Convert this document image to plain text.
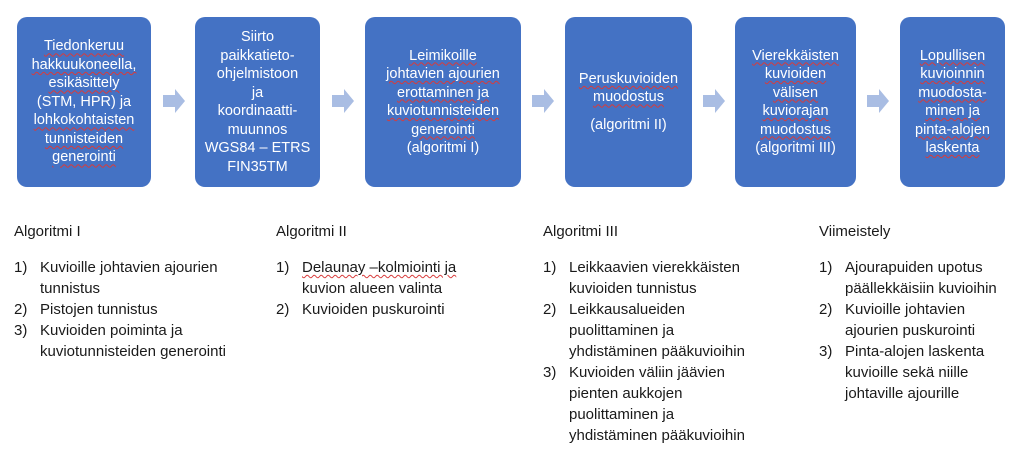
Tiedonkeruu
hakkuukoneella,
esikäsittely
(STM, HPR) ja
lohkokohtaisten
tunnisteiden
generointi
Siirto
paikkatieto-
ohjelmistoon
ja
koordinaatti-
muunnos
WGS84 – ETRS
FIN35TM
Leimikoille
johtavien ajourien
erottaminen ja
kuviotunnisteiden
generointi
(algoritmi I)
Peruskuvioiden
muodostus
(algoritmi II)
Vierekkäisten
kuvioiden
välisen
kuviorajan
muodostus
(algoritmi III)
Lopullisen
kuvioinnin
muodosta-
minen ja
pinta-alojen
laskenta
Algoritmi I
1) Kuvioille johtavien ajourien
tunnistus
2) Pistojen tunnistus
3) Kuvioiden poiminta ja
kuviotunnisteiden generointi
Algoritmi II
1) Delaunay –kolmiointi ja
kuvion alueen valinta
2) Kuvioiden puskurointi
Algoritmi III
1) Leikkaavien vierekkäisten
kuvioiden tunnistus
2) Leikkausalueiden
puolittaminen ja
yhdistäminen pääkuvioihin
3) Kuvioiden väliin jäävien
pienten aukkojen
puolittaminen ja
yhdistäminen pääkuvioihin
Viimeistely
1) Ajourapuiden upotus
päällekkäisiin kuvioihin
2) Kuvioille johtavien
ajourien puskurointi
3) Pinta-alojen laskenta
kuvioille sekä niille
johtaville ajourille
